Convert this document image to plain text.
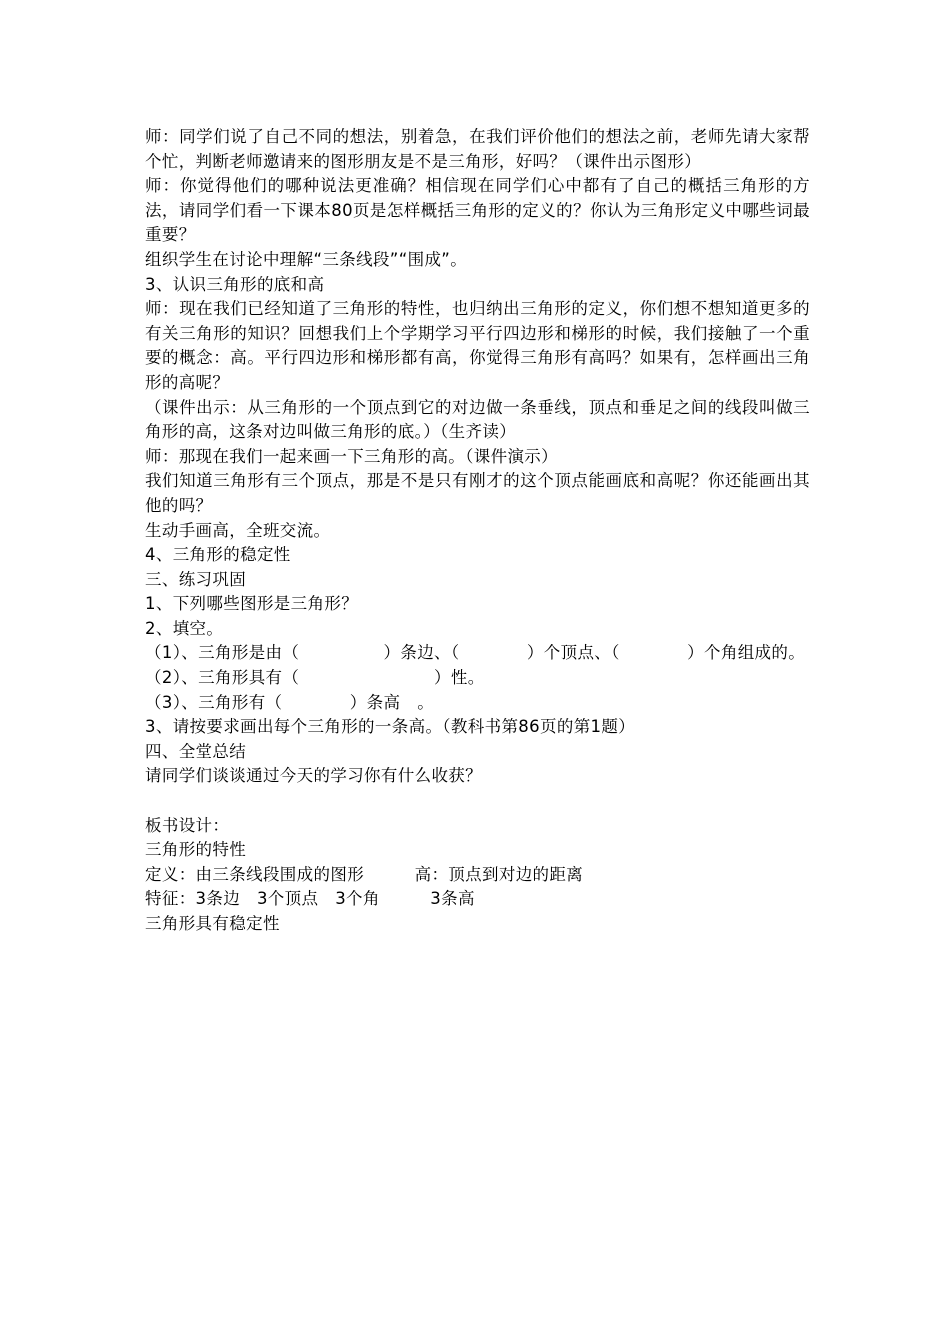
师：同学们说了自己不同的想法，别着急，在我们评价他们的想法之前，老师先请大家帮个忙，判断老师邀请来的图形朋友是不是三角形，好吗？（课件出示图形）

师：你觉得他们的哪种说法更准确？相信现在同学们心中都有了自己的概括三角形的方法，请同学们看一下课本80页是怎样概括三角形的定义的？你认为三角形定义中哪些词最重要？

组织学生在讨论中理解“三条线段”“围成”。

3、认识三角形的底和高

师：现在我们已经知道了三角形的特性，也归纳出三角形的定义，你们想不想知道更多的有关三角形的知识？回想我们上个学期学习平行四边形和梯形的时候，我们接触了一个重要的概念：高。平行四边形和梯形都有高，你觉得三角形有高吗？如果有，怎样画出三角形的高呢？

（课件出示：从三角形的一个顶点到它的对边做一条垂线，顶点和垂足之间的线段叫做三角形的高，这条对边叫做三角形的底。）（生齐读）

师：那现在我们一起来画一下三角形的高。（课件演示）

我们知道三角形有三个顶点，那是不是只有刚才的这个顶点能画底和高呢？你还能画出其他的吗？

生动手画高，全班交流。

4、三角形的稳定性

三、练习巩固

1、下列哪些图形是三角形？

2、填空。

（1）、三角形是由（　　　　　）条边、（　　　　）个顶点、（　　　　）个角组成的。

（2）、三角形具有（　　　　　　　　）性。

（3）、三角形有（　　　　）条高　。

3、请按要求画出每个三角形的一条高。（教科书第86页的第1题）

四、全堂总结

请同学们谈谈通过今天的学习你有什么收获？

板书设计：

三角形的特性

定义：由三条线段围成的图形　　　高：顶点到对边的距离

特征：3条边　3个顶点　3个角　　　3条高

三角形具有稳定性
